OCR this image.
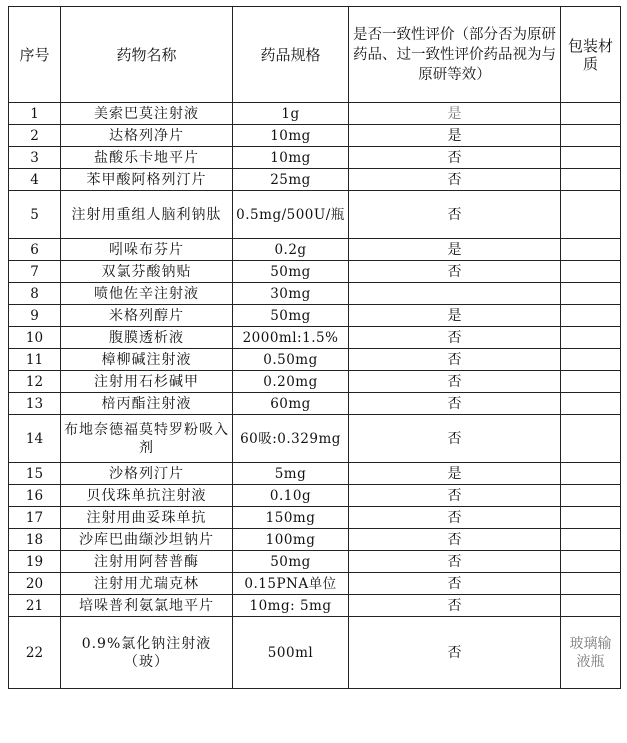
序号	药物名称	药品规格	是否一致性评价（部分否为原研药品、过一致性评价药品视为与原研等效）	包装材质
1	美索巴莫注射液	1g	是	
2	达格列净片	10mg	是	
3	盐酸乐卡地平片	10mg	否	
4	苯甲酸阿格列汀片	25mg	否	
5	注射用重组人脑利钠肽	0.5mg/500U/瓶	否	
6	吲哚布芬片	0.2g	是	
7	双氯芬酸钠贴	50mg	否	
8	喷他佐辛注射液	30mg		
9	米格列醇片	50mg	是	
10	腹膜透析液	2000ml:1.5%	否	
11	樟柳碱注射液	0.50mg	否	
12	注射用石杉碱甲	0.20mg	否	
13	棓丙酯注射液	60mg	否	
14	布地奈德福莫特罗粉吸入剂	60吸:0.329mg	否	
15	沙格列汀片	5mg	是	
16	贝伐珠单抗注射液	0.10g	否	
17	注射用曲妥珠单抗	150mg	否	
18	沙库巴曲缬沙坦钠片	100mg	否	
19	注射用阿替普酶	50mg	否	
20	注射用尤瑞克林	0.15PNA单位	否	
21	培哚普利氨氯地平片	10mg: 5mg	否	
22	0.9%氯化钠注射液（玻）	500ml	否	玻璃输液瓶
